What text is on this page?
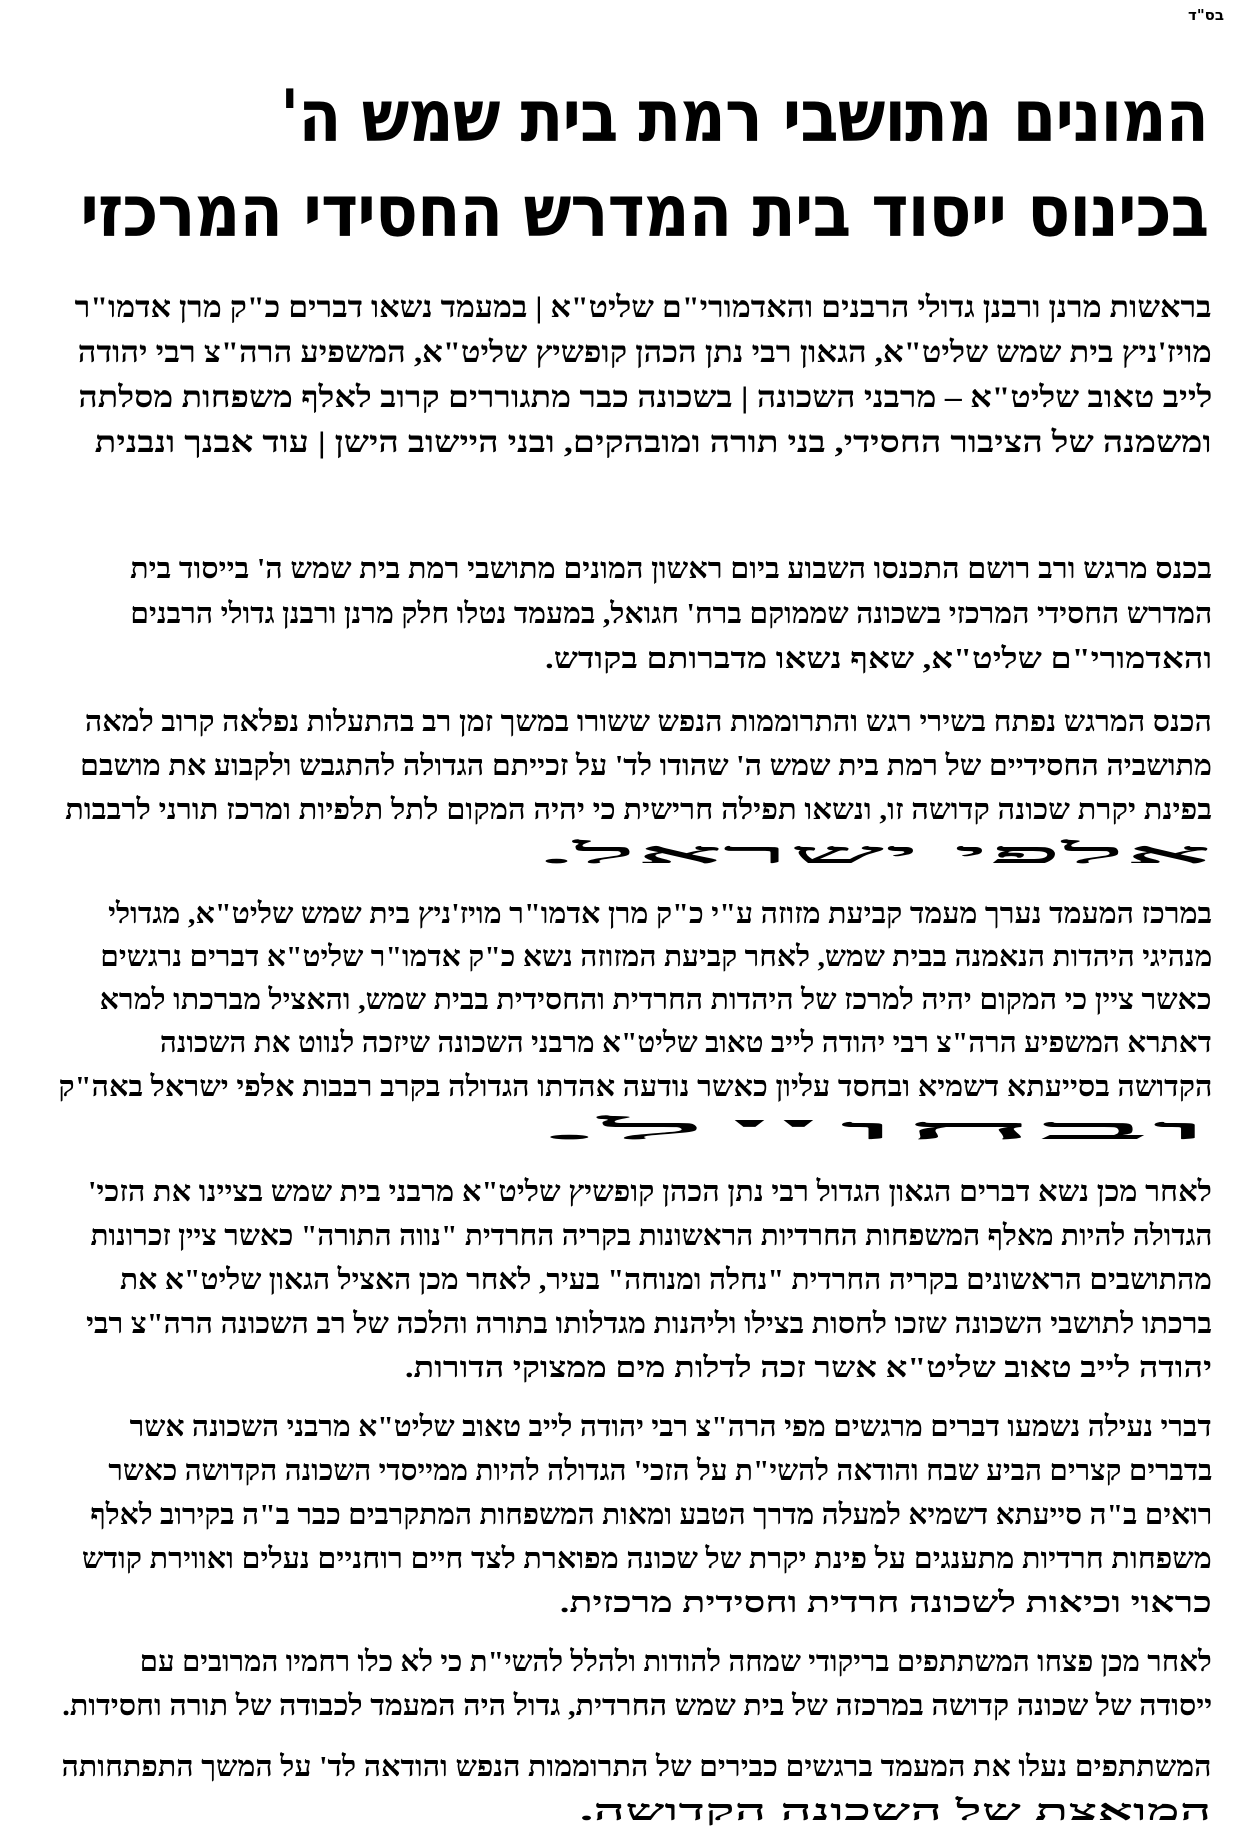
בס"ד
המונים מתושבי רמת בית שמש ה'
בכינוס ייסוד בית המדרש החסידי המרכזי
בראשות מרנן ורבנן גדולי הרבנים והאדמורי"ם שליט"א | במעמד נשאו דברים כ"ק מרן אדמו"ר
מויז'ניץ בית שמש שליט"א, הגאון רבי נתן הכהן קופשיץ שליט"א, המשפיע הרה"צ רבי יהודה
לייב טאוב שליט"א – מרבני השכונה | בשכונה כבר מתגוררים קרוב לאלף משפחות מסלתה
ומשמנה של הציבור החסידי, בני תורה ומובהקים, ובני היישוב הישן | עוד אבנך ונבנית
בכנס מרגש ורב רושם התכנסו השבוע ביום ראשון המונים מתושבי רמת בית שמש ה' בייסוד בית
המדרש החסידי המרכזי בשכונה שממוקם ברח' חגואל, במעמד נטלו חלק מרנן ורבנן גדולי הרבנים
והאדמורי"ם שליט"א, שאף נשאו מדברותם בקודש.
הכנס המרגש נפתח בשירי רגש והתרוממות הנפש ששורו במשך זמן רב בהתעלות נפלאה קרוב למאה
מתושביה החסידיים של רמת בית שמש ה' שהודו לד' על זכייתם הגדולה להתגבש ולקבוע את מושבם
בפינת יקרת שכונה קדושה זו, ונשאו תפילה חרישית כי יהיה המקום לתל תלפיות ומרכז תורני לרבבות
אלפי ישראל.
במרכז המעמד נערך מעמד קביעת מזוזה ע"י כ"ק מרן אדמו"ר מויז'ניץ בית שמש שליט"א, מגדולי
מנהיגי היהדות הנאמנה בבית שמש, לאחר קביעת המזוזה נשא כ"ק אדמו"ר שליט"א דברים נרגשים
כאשר ציין כי המקום יהיה למרכז של היהדות החרדית והחסידית בבית שמש, והאציל מברכתו למרא
דאתרא המשפיע הרה"צ רבי יהודה לייב טאוב שליט"א מרבני השכונה שיזכה לנווט את השכונה
הקדושה בסייעתא דשמיא ובחסד עליון כאשר נודעה אהדתו הגדולה בקרב רבבות אלפי ישראל באה"ק
ובחו"ל.
לאחר מכן נשא דברים הגאון הגדול רבי נתן הכהן קופשיץ שליט"א מרבני בית שמש בציינו את הזכי'
הגדולה להיות מאלף המשפחות החרדיות הראשונות בקריה החרדית "נווה התורה" כאשר ציין זכרונות
מהתושבים הראשונים בקריה החרדית "נחלה ומנוחה" בעיר, לאחר מכן האציל הגאון שליט"א את
ברכתו לתושבי השכונה שזכו לחסות בצילו וליהנות מגדלותו בתורה והלכה של רב השכונה הרה"צ רבי
יהודה לייב טאוב שליט"א אשר זכה לדלות מים ממצוקי הדורות.
דברי נעילה נשמעו דברים מרגשים מפי הרה"צ רבי יהודה לייב טאוב שליט"א מרבני השכונה אשר
בדברים קצרים הביע שבח והודאה להשי"ת על הזכי' הגדולה להיות ממייסדי השכונה הקדושה כאשר
רואים ב"ה סייעתא דשמיא למעלה מדרך הטבע ומאות המשפחות המתקרבים כבר ב"ה בקירוב לאלף
משפחות חרדיות מתענגים על פינת יקרת של שכונה מפוארת לצד חיים רוחניים נעלים ואווירת קודש
כראוי וכיאות לשכונה חרדית וחסידית מרכזית.
לאחר מכן פצחו המשתתפים בריקודי שמחה להודות ולהלל להשי"ת כי לא כלו רחמיו המרובים עם
ייסודה של שכונה קדושה במרכזה של בית שמש החרדית, גדול היה המעמד לכבודה של תורה וחסידות.
המשתתפים נעלו את המעמד ברגשים כבירים של התרוממות הנפש והודאה לד' על המשך התפתחותה
המואצת של השכונה הקדושה.
